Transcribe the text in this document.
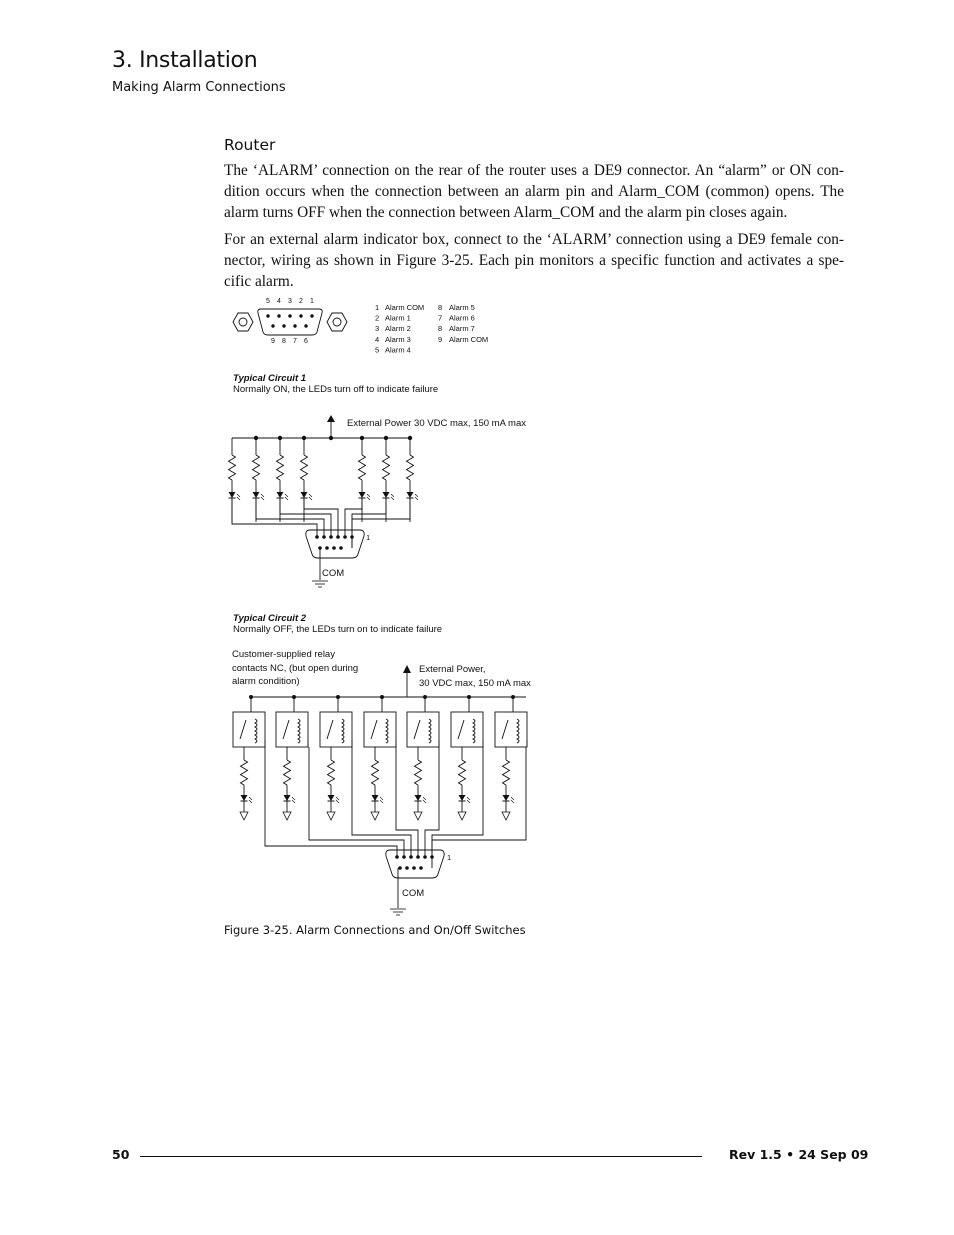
3. Installation
Making Alarm Connections
Router
The ‘ALARM’ connection on the rear of the router uses a DE9 connector. An “alarm” or ON con-dition occurs when the connection between an alarm pin and Alarm_COM (common) opens. The alarm turns OFF when the connection between Alarm_COM and the alarm pin closes again.
For an external alarm indicator box, connect to the ‘ALARM’ connection using a DE9 female con-nector, wiring as shown in Figure 3-25. Each pin monitors a specific function and activates a spe-cific alarm.
5 4 3 2 1
9 8 7 6
1 Alarm COM
2 Alarm 1
3 Alarm 2
4 Alarm 3
5 Alarm 4
8 Alarm 5
7 Alarm 6
8 Alarm 7
9 Alarm COM
Typical Circuit 1
Normally ON, the LEDs turn off to indicate failure
External Power 30 VDC max, 150 mA max
1
COM
Typical Circuit 2
Normally OFF, the LEDs turn on to indicate failure
Customer-supplied relay
contacts NC, (but open during
alarm condition)
External Power,
30 VDC max, 150 mA max
1
COM
Figure 3-25. Alarm Connections and On/Off Switches
50	Rev 1.5 • 24 Sep 09
